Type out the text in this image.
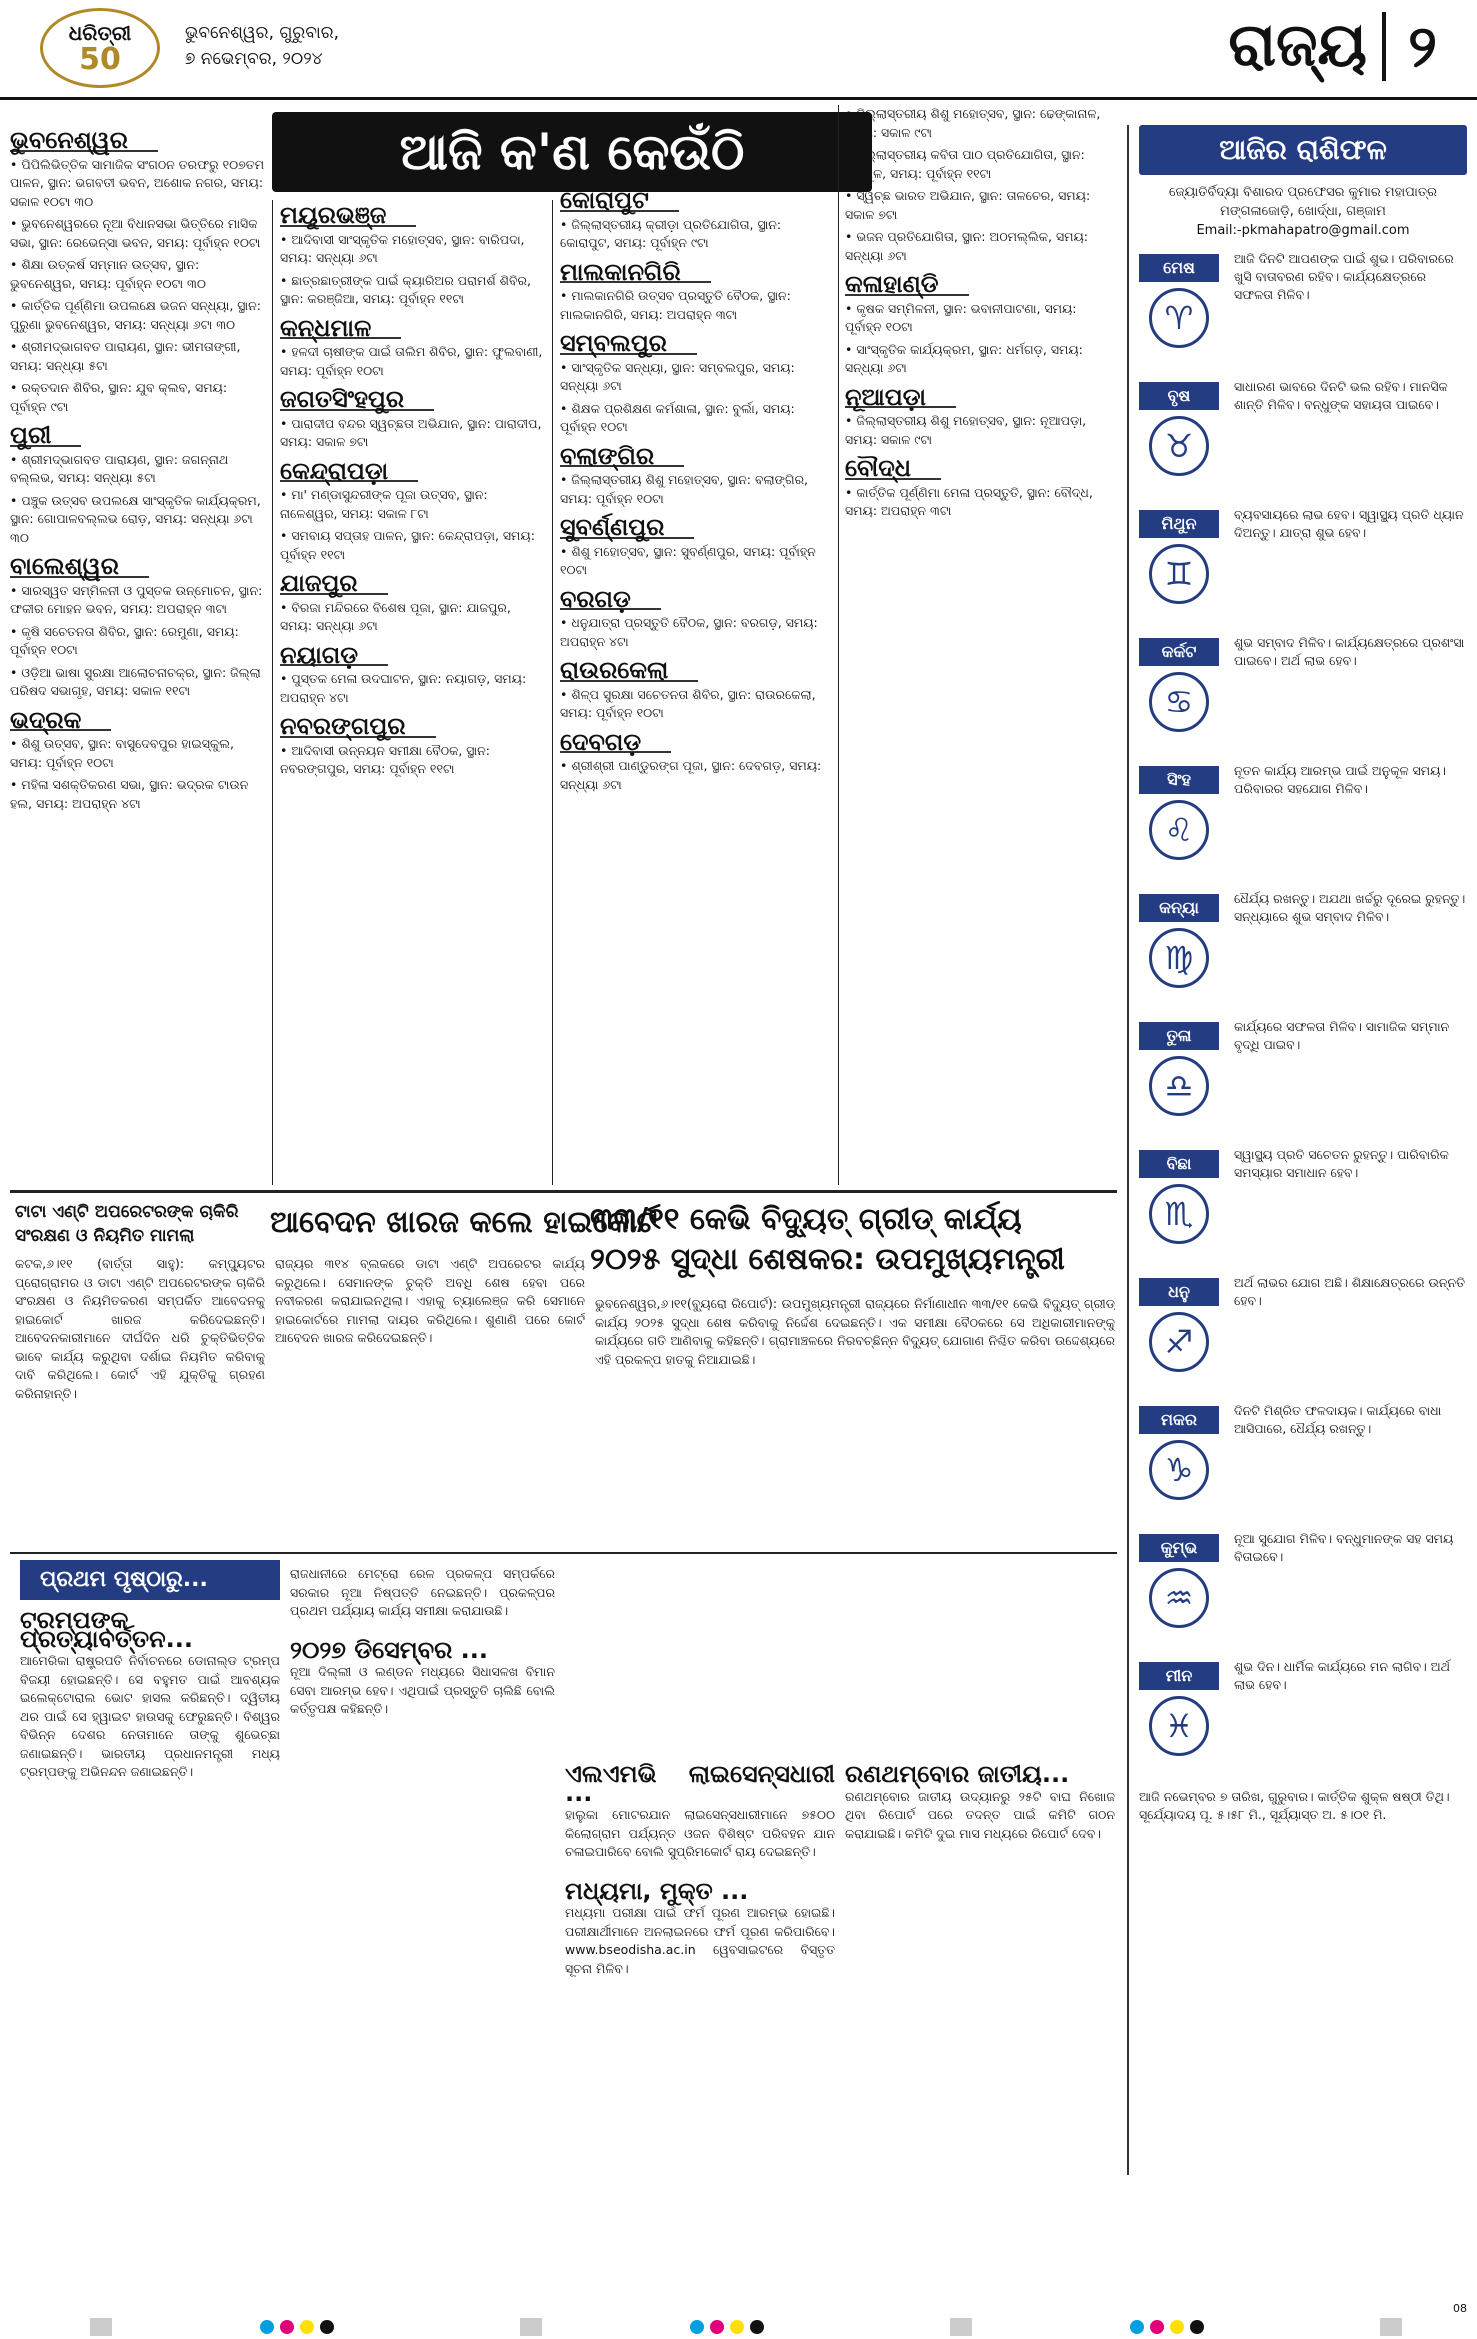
ଧରିତ୍ରୀ
50
ଭୁବନେଶ୍ୱର, ଗୁରୁବାର,
୭ ନଭେମ୍ବର, ୨୦୨୪	ରାଜ୍ୟ ୨
ଆଜି କ'ଣ କେଉଁଠି
ଭୁବନେଶ୍ୱର

• ପିପିଲିଭିତ୍ତିକ ସାମାଜିକ ସଂଗଠନ ତରଫରୁ ୧୦୭ତମ ପାଳନ, ସ୍ଥାନ: ଭଗବତୀ ଭବନ, ଅଶୋକ ନଗର, ସମୟ: ସକାଳ ୧୦ଟା ୩୦

• ଭୁବନେଶ୍ୱରରେ ନୂଆ ବିଧାନସଭା ଭିତ୍ତିରେ ମାସିକ ସଭା, ସ୍ଥାନ: ରେଭେନ୍ସା ଭବନ, ସମୟ: ପୂର୍ବାହ୍ନ ୧୦ଟା

• ଶିକ୍ଷା ଉତ୍କର୍ଷ ସମ୍ମାନ ଉତ୍ସବ, ସ୍ଥାନ: ଭୁବନେଶ୍ୱର, ସମୟ: ପୂର୍ବାହ୍ନ ୧୦ଟା ୩୦

• କାର୍ତ୍ତିକ ପୂର୍ଣ୍ଣିମା ଉପଲକ୍ଷେ ଭଜନ ସନ୍ଧ୍ୟା, ସ୍ଥାନ: ପୁରୁଣା ଭୁବନେଶ୍ୱର, ସମୟ: ସନ୍ଧ୍ୟା ୬ଟା ୩୦

• ଶ୍ରୀମଦ୍ଭାଗବତ ପାରାୟଣ, ସ୍ଥାନ: ଭୀମତାଙ୍ଗୀ, ସମୟ: ସନ୍ଧ୍ୟା ୫ଟା

• ରକ୍ତଦାନ ଶିବିର, ସ୍ଥାନ: ଯୁବ କ୍ଲବ, ସମୟ: ପୂର୍ବାହ୍ନ ୯ଟା

ପୁରୀ

• ଶ୍ରୀମଦ୍ଭାଗବତ ପାରାୟଣ, ସ୍ଥାନ: ଜଗନ୍ନାଥ ବଲ୍ଲଭ, ସମୟ: ସନ୍ଧ୍ୟା ୫ଟା

• ପଞ୍ଚୁକ ଉତ୍ସବ ଉପଲକ୍ଷେ ସାଂସ୍କୃତିକ କାର୍ଯ୍ୟକ୍ରମ, ସ୍ଥାନ: ଗୋପାଳବଲ୍ଲଭ ରୋଡ଼, ସମୟ: ସନ୍ଧ୍ୟା ୬ଟା ୩୦

ବାଲେଶ୍ୱର

• ସାରସ୍ୱତ ସମ୍ମିଳନୀ ଓ ପୁସ୍ତକ ଉନ୍ମୋଚନ, ସ୍ଥାନ: ଫକୀର ମୋହନ ଭବନ, ସମୟ: ଅପରାହ୍ନ ୩ଟା

• କୃଷି ସଚେତନତା ଶିବିର, ସ୍ଥାନ: ରେମୁଣା, ସମୟ: ପୂର୍ବାହ୍ନ ୧୦ଟା

• ଓଡ଼ିଆ ଭାଷା ସୁରକ୍ଷା ଆଲୋଚନାଚକ୍ର, ସ୍ଥାନ: ଜିଲ୍ଲା ପରିଷଦ ସଭାଗୃହ, ସମୟ: ସକାଳ ୧୧ଟା

ଭଦ୍ରକ

• ଶିଶୁ ଉତ୍ସବ, ସ୍ଥାନ: ବାସୁଦେବପୁର ହାଇସ୍କୁଲ, ସମୟ: ପୂର୍ବାହ୍ନ ୧୦ଟା

• ମହିଳା ସଶକ୍ତିକରଣ ସଭା, ସ୍ଥାନ: ଭଦ୍ରକ ଟାଉନ ହଲ, ସମୟ: ଅପରାହ୍ନ ୪ଟା

ମୟୂରଭଞ୍ଜ

• ଆଦିବାସୀ ସାଂସ୍କୃତିକ ମହୋତ୍ସବ, ସ୍ଥାନ: ବାରିପଦା, ସମୟ: ସନ୍ଧ୍ୟା ୬ଟା

• ଛାତ୍ରଛାତ୍ରୀଙ୍କ ପାଇଁ କ୍ୟାରିଅର ପରାମର୍ଶ ଶିବିର, ସ୍ଥାନ: କରଞ୍ଜିଆ, ସମୟ: ପୂର୍ବାହ୍ନ ୧୧ଟା

କନ୍ଧମାଳ

• ହଳଦୀ ଚାଷୀଙ୍କ ପାଇଁ ତାଲିମ ଶିବିର, ସ୍ଥାନ: ଫୁଲବାଣୀ, ସମୟ: ପୂର୍ବାହ୍ନ ୧୦ଟା

ଜଗତସିଂହପୁର

• ପାରାଦୀପ ବନ୍ଦର ସ୍ୱଚ୍ଛତା ଅଭିଯାନ, ସ୍ଥାନ: ପାରାଦୀପ, ସମୟ: ସକାଳ ୭ଟା

କେନ୍ଦ୍ରାପଡ଼ା

• ମା' ମଣ୍ଡାସୁନ୍ଦରୀଙ୍କ ପୂଜା ଉତ୍ସବ, ସ୍ଥାନ: ନାଳେଶ୍ୱର, ସମୟ: ସକାଳ ୮ଟା

• ସମବାୟ ସପ୍ତାହ ପାଳନ, ସ୍ଥାନ: କେନ୍ଦ୍ରାପଡ଼ା, ସମୟ: ପୂର୍ବାହ୍ନ ୧୧ଟା

ଯାଜପୁର

• ବିରଜା ମନ୍ଦିରରେ ବିଶେଷ ପୂଜା, ସ୍ଥାନ: ଯାଜପୁର, ସମୟ: ସନ୍ଧ୍ୟା ୬ଟା

ନୟାଗଡ଼

• ପୁସ୍ତକ ମେଳା ଉଦଘାଟନ, ସ୍ଥାନ: ନୟାଗଡ଼, ସମୟ: ଅପରାହ୍ନ ୪ଟା

ନବରଙ୍ଗପୁର

• ଆଦିବାସୀ ଉନ୍ନୟନ ସମୀକ୍ଷା ବୈଠକ, ସ୍ଥାନ: ନବରଙ୍ଗପୁର, ସମୟ: ପୂର୍ବାହ୍ନ ୧୧ଟା

କୋରାପୁଟ

• ଜିଲ୍ଲାସ୍ତରୀୟ କ୍ରୀଡ଼ା ପ୍ରତିଯୋଗିତା, ସ୍ଥାନ: କୋରାପୁଟ, ସମୟ: ପୂର୍ବାହ୍ନ ୯ଟା

ମାଲକାନଗିରି

• ମାଲକାନଗିରି ଉତ୍ସବ ପ୍ରସ୍ତୁତି ବୈଠକ, ସ୍ଥାନ: ମାଲକାନଗିରି, ସମୟ: ଅପରାହ୍ନ ୩ଟା

ସମ୍ବଲପୁର

• ସାଂସ୍କୃତିକ ସନ୍ଧ୍ୟା, ସ୍ଥାନ: ସମ୍ବଲପୁର, ସମୟ: ସନ୍ଧ୍ୟା ୬ଟା

• ଶିକ୍ଷକ ପ୍ରଶିକ୍ଷଣ କର୍ମଶାଳା, ସ୍ଥାନ: ବୁର୍ଲା, ସମୟ: ପୂର୍ବାହ୍ନ ୧୦ଟା

ବଲାଙ୍ଗିର

• ଜିଲ୍ଲାସ୍ତରୀୟ ଶିଶୁ ମହୋତ୍ସବ, ସ୍ଥାନ: ବଲାଙ୍ଗିର, ସମୟ: ପୂର୍ବାହ୍ନ ୧୦ଟା

ସୁବର୍ଣ୍ଣପୁର

• ଶିଶୁ ମହୋତ୍ସବ, ସ୍ଥାନ: ସୁବର୍ଣ୍ଣପୁର, ସମୟ: ପୂର୍ବାହ୍ନ ୧୦ଟା

ବରଗଡ଼

• ଧନୁଯାତ୍ରା ପ୍ରସ୍ତୁତି ବୈଠକ, ସ୍ଥାନ: ବରଗଡ଼, ସମୟ: ଅପରାହ୍ନ ୪ଟା

ରାଉରକେଲା

• ଶିଳ୍ପ ସୁରକ୍ଷା ସଚେତନତା ଶିବିର, ସ୍ଥାନ: ରାଉରକେଲା, ସମୟ: ପୂର୍ବାହ୍ନ ୧୦ଟା

ଦେବଗଡ଼

• ଶ୍ରୀଶ୍ରୀ ପାଣ୍ଡୁରଙ୍ଗ ପୂଜା, ସ୍ଥାନ: ଦେବଗଡ଼, ସମୟ: ସନ୍ଧ୍ୟା ୬ଟା

• ଜିଲ୍ଲାସ୍ତରୀୟ ଶିଶୁ ମହୋତ୍ସବ, ସ୍ଥାନ: ଢେଙ୍କାନାଳ, ସମୟ: ସକାଳ ୯ଟା

• ଜିଲ୍ଲାସ୍ତରୀୟ କବିତା ପାଠ ପ୍ରତିଯୋଗିତା, ସ୍ଥାନ: ଅନୁଗୁଳ, ସମୟ: ପୂର୍ବାହ୍ନ ୧୧ଟା

• ସ୍ୱଚ୍ଛ ଭାରତ ଅଭିଯାନ, ସ୍ଥାନ: ତାଳଚେର, ସମୟ: ସକାଳ ୭ଟା

• ଭଜନ ପ୍ରତିଯୋଗିତା, ସ୍ଥାନ: ଅଠମଲ୍ଲିକ, ସମୟ: ସନ୍ଧ୍ୟା ୬ଟା

କଳାହାଣ୍ଡି

• କୃଷକ ସମ୍ମିଳନୀ, ସ୍ଥାନ: ଭବାନୀପାଟଣା, ସମୟ: ପୂର୍ବାହ୍ନ ୧୦ଟା

• ସାଂସ୍କୃତିକ କାର୍ଯ୍ୟକ୍ରମ, ସ୍ଥାନ: ଧର୍ମଗଡ଼, ସମୟ: ସନ୍ଧ୍ୟା ୬ଟା

ନୂଆପଡ଼ା

• ଜିଲ୍ଲାସ୍ତରୀୟ ଶିଶୁ ମହୋତ୍ସବ, ସ୍ଥାନ: ନୂଆପଡ଼ା, ସମୟ: ସକାଳ ୯ଟା

ବୌଦ୍ଧ

• କାର୍ତ୍ତିକ ପୂର୍ଣ୍ଣିମା ମେଳା ପ୍ରସ୍ତୁତି, ସ୍ଥାନ: ବୌଦ୍ଧ, ସମୟ: ଅପରାହ୍ନ ୩ଟା

ଆଜିର ରାଶିଫଳ
ଜ୍ୟୋତିର୍ବିଦ୍ୟା ବିଶାରଦ ପ୍ରଫେସର କୁମାର ମହାପାତ୍ର
ମଙ୍ଗଳାଜୋଡ଼ି, ଖୋର୍ଦ୍ଧା, ଗଞ୍ଜାମ
Email:-pkmahapatro@gmail.com
ମେଷ
♈
ଆଜି ଦିନଟି ଆପଣଙ୍କ ପାଇଁ ଶୁଭ। ପରିବାରରେ ଖୁସି ବାତାବରଣ ରହିବ। କାର୍ଯ୍ୟକ୍ଷେତ୍ରରେ ସଫଳତା ମିଳିବ।
ବୃଷ
♉
ସାଧାରଣ ଭାବରେ ଦିନଟି ଭଲ ରହିବ। ମାନସିକ ଶାନ୍ତି ମିଳିବ। ବନ୍ଧୁଙ୍କ ସହାୟତା ପାଇବେ।
ମିଥୁନ
♊
ବ୍ୟବସାୟରେ ଲାଭ ହେବ। ସ୍ୱାସ୍ଥ୍ୟ ପ୍ରତି ଧ୍ୟାନ ଦିଅନ୍ତୁ। ଯାତ୍ରା ଶୁଭ ହେବ।
କର୍କଟ
♋
ଶୁଭ ସମ୍ବାଦ ମିଳିବ। କାର୍ଯ୍ୟକ୍ଷେତ୍ରରେ ପ୍ରଶଂସା ପାଇବେ। ଅର୍ଥ ଲାଭ ହେବ।
ସିଂହ
♌
ନୂତନ କାର୍ଯ୍ୟ ଆରମ୍ଭ ପାଇଁ ଅନୁକୂଳ ସମୟ। ପରିବାରର ସହଯୋଗ ମିଳିବ।
କନ୍ୟା
♍
ଧୈର୍ଯ୍ୟ ରଖନ୍ତୁ। ଅଯଥା ଖର୍ଚ୍ଚରୁ ଦୂରେଇ ରୁହନ୍ତୁ। ସନ୍ଧ୍ୟାରେ ଶୁଭ ସମ୍ବାଦ ମିଳିବ।
ତୁଳା
♎
କାର୍ଯ୍ୟରେ ସଫଳତା ମିଳିବ। ସାମାଜିକ ସମ୍ମାନ ବୃଦ୍ଧି ପାଇବ।
ବିଛା
♏
ସ୍ୱାସ୍ଥ୍ୟ ପ୍ରତି ସଚେତନ ରୁହନ୍ତୁ। ପାରିବାରିକ ସମସ୍ୟାର ସମାଧାନ ହେବ।
ଧନୁ
♐
ଅର୍ଥ ଲାଭର ଯୋଗ ଅଛି। ଶିକ୍ଷାକ୍ଷେତ୍ରରେ ଉନ୍ନତି ହେବ।
ମକର
♑
ଦିନଟି ମିଶ୍ରିତ ଫଳଦାୟକ। କାର୍ଯ୍ୟରେ ବାଧା ଆସିପାରେ, ଧୈର୍ଯ୍ୟ ରଖନ୍ତୁ।
କୁମ୍ଭ
♒
ନୂଆ ସୁଯୋଗ ମିଳିବ। ବନ୍ଧୁମାନଙ୍କ ସହ ସମୟ ବିତାଇବେ।
ମୀନ
♓
ଶୁଭ ଦିନ। ଧାର୍ମିକ କାର୍ଯ୍ୟରେ ମନ ଲାଗିବ। ଅର୍ଥ ଲାଭ ହେବ।
ଆଜି ନଭେମ୍ବର ୭ ତାରିଖ, ଗୁରୁବାର। କାର୍ତ୍ତିକ ଶୁକ୍ଳ ଷଷ୍ଠୀ ତିଥି। ସୂର୍ଯ୍ୟୋଦୟ ପୂ. ୫।୫୮ ମି., ସୂର୍ଯ୍ୟାସ୍ତ ଅ. ୫।୦୧ ମି.
ଟାଟା ଏଣ୍ଟି ଅପରେଟରଙ୍କ ଚାକିରି
ସଂରକ୍ଷଣ ଓ ନିୟମିତ ମାମଲା	ଆବେଦନ ଖାରଜ କଲେ ହାଇକୋର୍ଟ
କଟକ,୬।୧୧ (ବାର୍ତ୍ତା ସାହୁ): କମ୍ପ୍ୟୁଟର ପ୍ରୋଗ୍ରାମର ଓ ଡାଟା ଏଣ୍ଟି ଅପରେଟରଙ୍କ ଚାକିରି ସଂରକ୍ଷଣ ଓ ନିୟମିତକରଣ ସମ୍ପର୍କିତ ଆବେଦନକୁ ହାଇକୋର୍ଟ ଖାରଜ କରିଦେଇଛନ୍ତି। ଆବେଦନକାରୀମାନେ ଦୀର୍ଘଦିନ ଧରି ଚୁକ୍ତିଭିତ୍ତିକ ଭାବେ କାର୍ଯ୍ୟ କରୁଥିବା ଦର୍ଶାଇ ନିୟମିତ କରିବାକୁ ଦାବି କରିଥିଲେ। କୋର୍ଟ ଏହି ଯୁକ୍ତିକୁ ଗ୍ରହଣ କରିନାହାନ୍ତି।
ରାଜ୍ୟର ୩୧୪ ବ୍ଲକରେ ଡାଟା ଏଣ୍ଟି ଅପରେଟର କାର୍ଯ୍ୟ କରୁଥିଲେ। ସେମାନଙ୍କ ଚୁକ୍ତି ଅବଧି ଶେଷ ହେବା ପରେ ନବୀକରଣ କରାଯାଇନଥିଲା। ଏହାକୁ ଚ୍ୟାଲେଞ୍ଜ କରି ସେମାନେ ହାଇକୋର୍ଟରେ ମାମଲା ଦାୟର କରିଥିଲେ। ଶୁଣାଣି ପରେ କୋର୍ଟ ଆବେଦନ ଖାରଜ କରିଦେଇଛନ୍ତି।
୩୩/୧୧ କେଭି ବିଦ୍ୟୁତ୍ ଗ୍ରୀଡ୍ କାର୍ଯ୍ୟ
୨୦୨୫ ସୁଦ୍ଧା ଶେଷକର: ଉପମୁଖ୍ୟମନ୍ତ୍ରୀ
ଭୁବନେଶ୍ୱର,୬।୧୧(ବ୍ୟୁରୋ ରିପୋର୍ଟ): ଉପମୁଖ୍ୟମନ୍ତ୍ରୀ ରାଜ୍ୟରେ ନିର୍ମାଣାଧୀନ ୩୩/୧୧ କେଭି ବିଦ୍ୟୁତ୍ ଗ୍ରୀଡ୍ କାର୍ଯ୍ୟ ୨୦୨୫ ସୁଦ୍ଧା ଶେଷ କରିବାକୁ ନିର୍ଦ୍ଦେଶ ଦେଇଛନ୍ତି। ଏକ ସମୀକ୍ଷା ବୈଠକରେ ସେ ଅଧିକାରୀମାନଙ୍କୁ କାର୍ଯ୍ୟରେ ଗତି ଆଣିବାକୁ କହିଛନ୍ତି। ଗ୍ରାମାଞ୍ଚଳରେ ନିରବଚ୍ଛିନ୍ନ ବିଦ୍ୟୁତ୍ ଯୋଗାଣ ନିଶ୍ଚିତ କରିବା ଉଦ୍ଦେଶ୍ୟରେ ଏହି ପ୍ରକଳ୍ପ ହାତକୁ ନିଆଯାଇଛି।
ପ୍ରଥମ ପୃଷ୍ଠାରୁ...
ଟ୍ରମ୍ପଙ୍କ ପ୍ରତ୍ୟାବର୍ତ୍ତନ...
ଆମେରିକା ରାଷ୍ଟ୍ରପତି ନିର୍ବାଚନରେ ଡୋନାଲ୍ଡ ଟ୍ରମ୍ପ ବିଜୟୀ ହୋଇଛନ୍ତି। ସେ ବହୁମତ ପାଇଁ ଆବଶ୍ୟକ ଇଲେକ୍ଟୋରାଲ ଭୋଟ ହାସଲ କରିଛନ୍ତି। ଦ୍ୱିତୀୟ ଥର ପାଇଁ ସେ ହ୍ୱାଇଟ ହାଉସକୁ ଫେରୁଛନ୍ତି। ବିଶ୍ୱର ବିଭିନ୍ନ ଦେଶର ନେତାମାନେ ତାଙ୍କୁ ଶୁଭେଚ୍ଛା ଜଣାଇଛନ୍ତି। ଭାରତୀୟ ପ୍ରଧାନମନ୍ତ୍ରୀ ମଧ୍ୟ ଟ୍ରମ୍ପଙ୍କୁ ଅଭିନନ୍ଦନ ଜଣାଇଛନ୍ତି।
ରାଜଧାନୀରେ ମେଟ୍ରୋ ରେଳ ପ୍ରକଳ୍ପ ସମ୍ପର୍କରେ ସରକାର ନୂଆ ନିଷ୍ପତ୍ତି ନେଇଛନ୍ତି। ପ୍ରକଳ୍ପର ପ୍ରଥମ ପର୍ଯ୍ୟାୟ କାର୍ଯ୍ୟ ସମୀକ୍ଷା କରାଯାଉଛି।
୨୦୨୭ ଡିସେମ୍ବର ...
ନୂଆ ଦିଲ୍ଲୀ ଓ ଲଣ୍ଡନ ମଧ୍ୟରେ ସିଧାସଳଖ ବିମାନ ସେବା ଆରମ୍ଭ ହେବ। ଏଥିପାଇଁ ପ୍ରସ୍ତୁତି ଚାଲିଛି ବୋଲି କର୍ତ୍ତୃପକ୍ଷ କହିଛନ୍ତି।
ଏଲଏମଭି ଲାଇସେନ୍ସଧାରୀ ...
ହାଲୁକା ମୋଟରଯାନ ଲାଇସେନ୍ସଧାରୀମାନେ ୭୫୦୦ କିଲୋଗ୍ରାମ ପର୍ଯ୍ୟନ୍ତ ଓଜନ ବିଶିଷ୍ଟ ପରିବହନ ଯାନ ଚଳାଇପାରିବେ ବୋଲି ସୁପ୍ରିମକୋର୍ଟ ରାୟ ଦେଇଛନ୍ତି।
ମଧ୍ୟମା, ମୁକ୍ତ ...
ମଧ୍ୟମା ପରୀକ୍ଷା ପାଇଁ ଫର୍ମ ପୂରଣ ଆରମ୍ଭ ହୋଇଛି। ପରୀକ୍ଷାର୍ଥୀମାନେ ଅନଲାଇନରେ ଫର୍ମ ପୂରଣ କରିପାରିବେ। www.bseodisha.ac.in ୱେବସାଇଟରେ ବିସ୍ତୃତ ସୂଚନା ମିଳିବ।
ରଣଥମ୍ବୋର ଜାତୀୟ...
ରଣଥମ୍ବୋର ଜାତୀୟ ଉଦ୍ୟାନରୁ ୨୫ଟି ବାଘ ନିଖୋଜ ଥିବା ରିପୋର୍ଟ ପରେ ତଦନ୍ତ ପାଇଁ କମିଟି ଗଠନ କରାଯାଇଛି। କମିଟି ଦୁଇ ମାସ ମଧ୍ୟରେ ରିପୋର୍ଟ ଦେବ।
08
